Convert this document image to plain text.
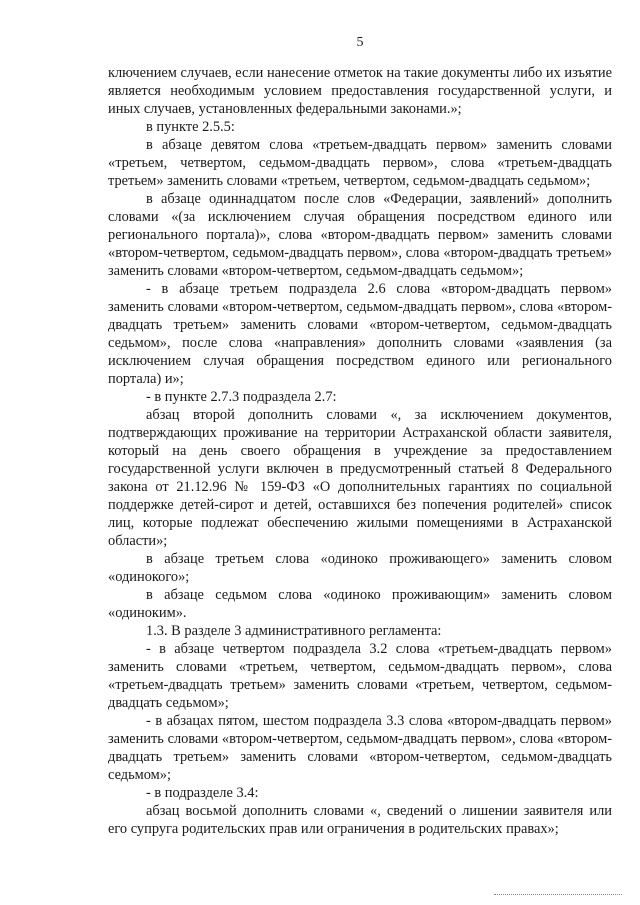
5

ключением случаев, если нанесение отметок на такие документы либо их изъятие является необходимым условием предоставления государственной услуги, и иных случаев, установленных федеральными законами.»;

в пункте 2.5.5:

в абзаце девятом слова «третьем-двадцать первом» заменить словами «третьем, четвертом, седьмом-двадцать первом», слова «третьем-двадцать третьем» заменить словами «третьем, четвертом, седьмом-двадцать седьмом»;

в абзаце одиннадцатом после слов «Федерации, заявлений» дополнить словами «(за исключением случая обращения посредством единого или регионального портала)», слова «втором-двадцать первом» заменить словами «втором-четвертом, седьмом-двадцать первом», слова «втором-двадцать третьем» заменить словами «втором-четвертом, седьмом-двадцать седьмом»;

- в абзаце третьем подраздела 2.6 слова «втором-двадцать первом» заменить словами «втором-четвертом, седьмом-двадцать первом», слова «втором-двадцать третьем» заменить словами «втором-четвертом, седьмом-двадцать седьмом», после слова «направления» дополнить словами «заявления (за исключением случая обращения посредством единого или регионального портала) и»;

- в пункте 2.7.3 подраздела 2.7:

абзац второй дополнить словами «, за исключением документов, подтверждающих проживание на территории Астраханской области заявителя, который на день своего обращения в учреждение за предоставлением государственной услуги включен в предусмотренный статьей 8 Федерального закона от 21.12.96 № 159-ФЗ «О дополнительных гарантиях по социальной поддержке детей-сирот и детей, оставшихся без попечения родителей» список лиц, которые подлежат обеспечению жилыми помещениями в Астраханской области»;

в абзаце третьем слова «одиноко проживающего» заменить словом «одинокого»;

в абзаце седьмом слова «одиноко проживающим» заменить словом «одиноким».

1.3. В разделе 3 административного регламента:

- в абзаце четвертом подраздела 3.2 слова «третьем-двадцать первом» заменить словами «третьем, четвертом, седьмом-двадцать первом», слова «третьем-двадцать третьем» заменить словами «третьем, четвертом, седьмом-двадцать седьмом»;

- в абзацах пятом, шестом подраздела 3.3 слова «втором-двадцать первом» заменить словами «втором-четвертом, седьмом-двадцать первом», слова «втором-двадцать третьем» заменить словами «втором-четвертом, седьмом-двадцать седьмом»;

- в подразделе 3.4:

абзац восьмой дополнить словами «, сведений о лишении заявителя или его супруга родительских прав или ограничения в родительских правах»;
